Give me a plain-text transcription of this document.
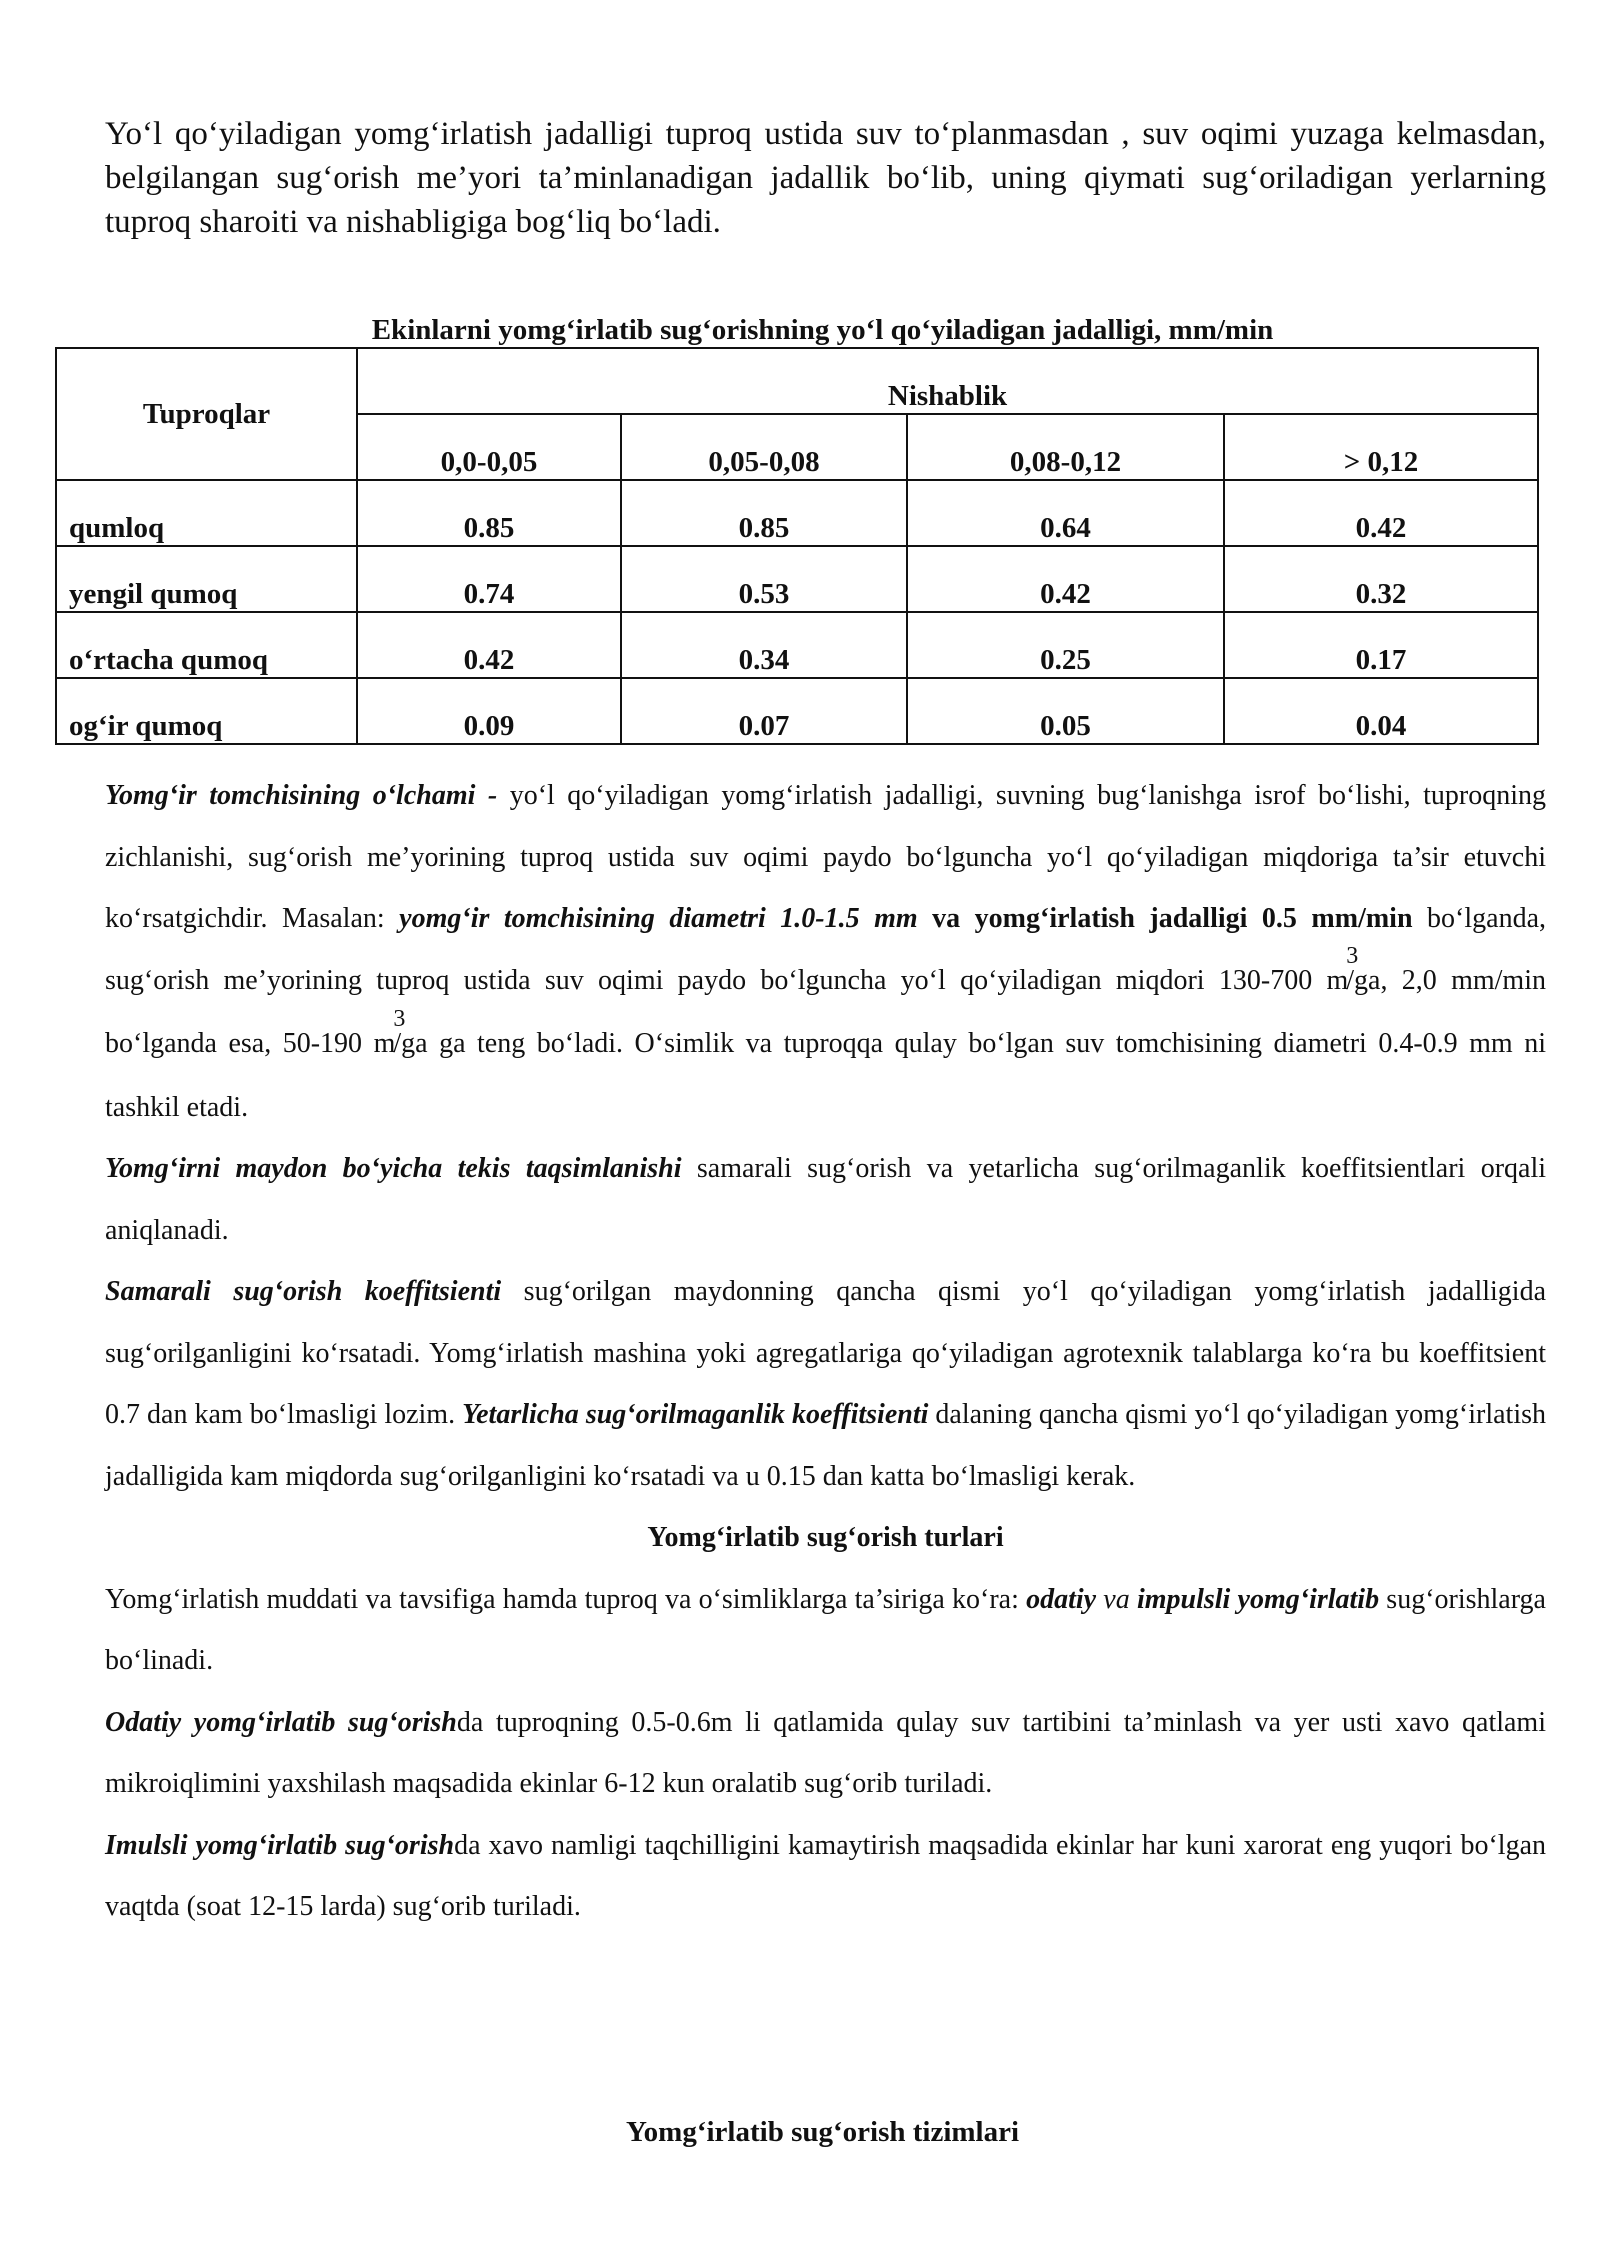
Yo‘l qo‘yiladigan yomg‘irlatish jadalligi tuproq ustida suv to‘planmasdan , suv oqimi yuzaga kelmasdan, belgilangan sug‘orish me’yori ta’minlanadigan jadallik bo‘lib, uning qiymati sug‘oriladigan yerlarning tuproq sharoiti va nishabligiga bog‘liq bo‘ladi.

Ekinlarni yomg‘irlatib sug‘orishning yo‘l qo‘yiladigan jadalligi, mm/min

Tuproqlar	Nishablik			
	0,0-0,05	0,05-0,08	0,08-0,12	> 0,12
qumloq	0.85	0.85	0.64	0.42
yengil qumoq	0.74	0.53	0.42	0.32
o‘rtacha qumoq	0.42	0.34	0.25	0.17
og‘ir qumoq	0.09	0.07	0.05	0.04

Yomg‘ir tomchisining o‘lchami - yo‘l qo‘yiladigan yomg‘irlatish jadalligi, suvning bug‘lanishga isrof bo‘lishi, tuproqning zichlanishi, sug‘orish me’yorining tuproq ustida suv oqimi paydo bo‘lguncha yo‘l qo‘yiladigan miqdoriga ta’sir etuvchi ko‘rsatgichdir. Masalan: yomg‘ir tomchisining diametri 1.0-1.5 mm va yomg‘irlatish jadalligi 0.5 mm/min bo‘lganda, sug‘orish me’yorining tuproq ustida suv oqimi paydo bo‘lguncha yo‘l qo‘yiladigan miqdori 130-700 m3/ga, 2,0 mm/min bo‘lganda esa, 50-190 m3/ga ga teng bo‘ladi. O‘simlik va tuproqqa qulay bo‘lgan suv tomchisining diametri 0.4-0.9 mm ni tashkil etadi.

Yomg‘irni maydon bo‘yicha tekis taqsimlanishi samarali sug‘orish va yetarlicha sug‘orilmaganlik koeffitsientlari orqali aniqlanadi.

Samarali sug‘orish koeffitsienti sug‘orilgan maydonning qancha qismi yo‘l qo‘yiladigan yomg‘irlatish jadalligida sug‘orilganligini ko‘rsatadi. Yomg‘irlatish mashina yoki agregatlariga qo‘yiladigan agrotexnik talablarga ko‘ra bu koeffitsient 0.7 dan kam bo‘lmasligi lozim. Yetarlicha sug‘orilmaganlik koeffitsienti dalaning qancha qismi yo‘l qo‘yiladigan yomg‘irlatish jadalligida kam miqdorda sug‘orilganligini ko‘rsatadi va u 0.15 dan katta bo‘lmasligi kerak.

Yomg‘irlatib sug‘orish turlari

Yomg‘irlatish muddati va tavsifiga hamda tuproq va o‘simliklarga ta’siriga ko‘ra: odatiy va impulsli yomg‘irlatib sug‘orishlarga bo‘linadi.

Odatiy yomg‘irlatib sug‘orishda tuproqning 0.5-0.6m li qatlamida qulay suv tartibini ta’minlash va yer usti xavo qatlami mikroiqlimini yaxshilash maqsadida ekinlar 6-12 kun oralatib sug‘orib turiladi.

Imulsli yomg‘irlatib sug‘orishda xavo namligi taqchilligini kamaytirish maqsadida ekinlar har kuni xarorat eng yuqori bo‘lgan vaqtda (soat 12-15 larda) sug‘orib turiladi.

Yomg‘irlatib sug‘orish tizimlari
